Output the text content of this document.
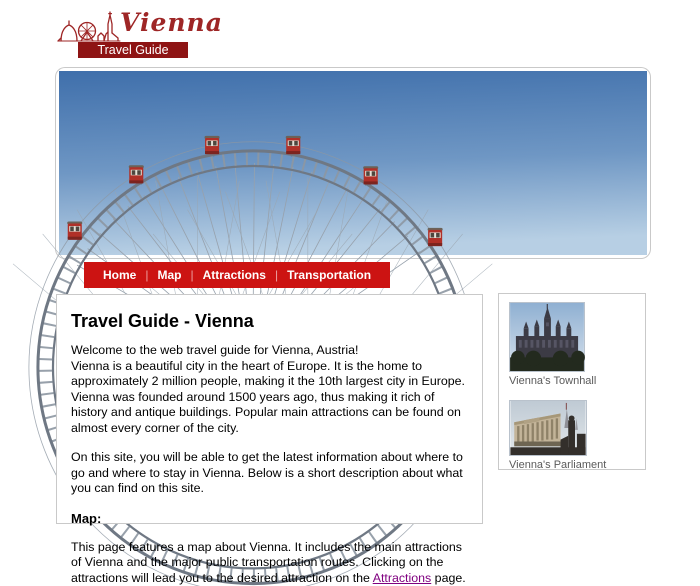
Vienna
Travel Guide
Home | Map | Attractions | Transportation
Travel Guide - Vienna

Welcome to the web travel guide for Vienna, Austria!
Vienna is a beautiful city in the heart of Europe. It is the home to approximately 2 million people, making it the 10th largest city in Europe. Vienna was founded around 1500 years ago, thus making it rich of history and antique buildings. Popular main attractions can be found on almost every corner of the city.

On this site, you will be able to get the latest information about where to go and where to stay in Vienna. Below is a short description about what you can find on this site.

Map:

This page features a map about Vienna. It includes the main attractions of Vienna and the major public transportation routes. Clicking on the attractions will lead you to the desired attraction on the Attractions page.

Vienna's Townhall
Vienna's Parliament
